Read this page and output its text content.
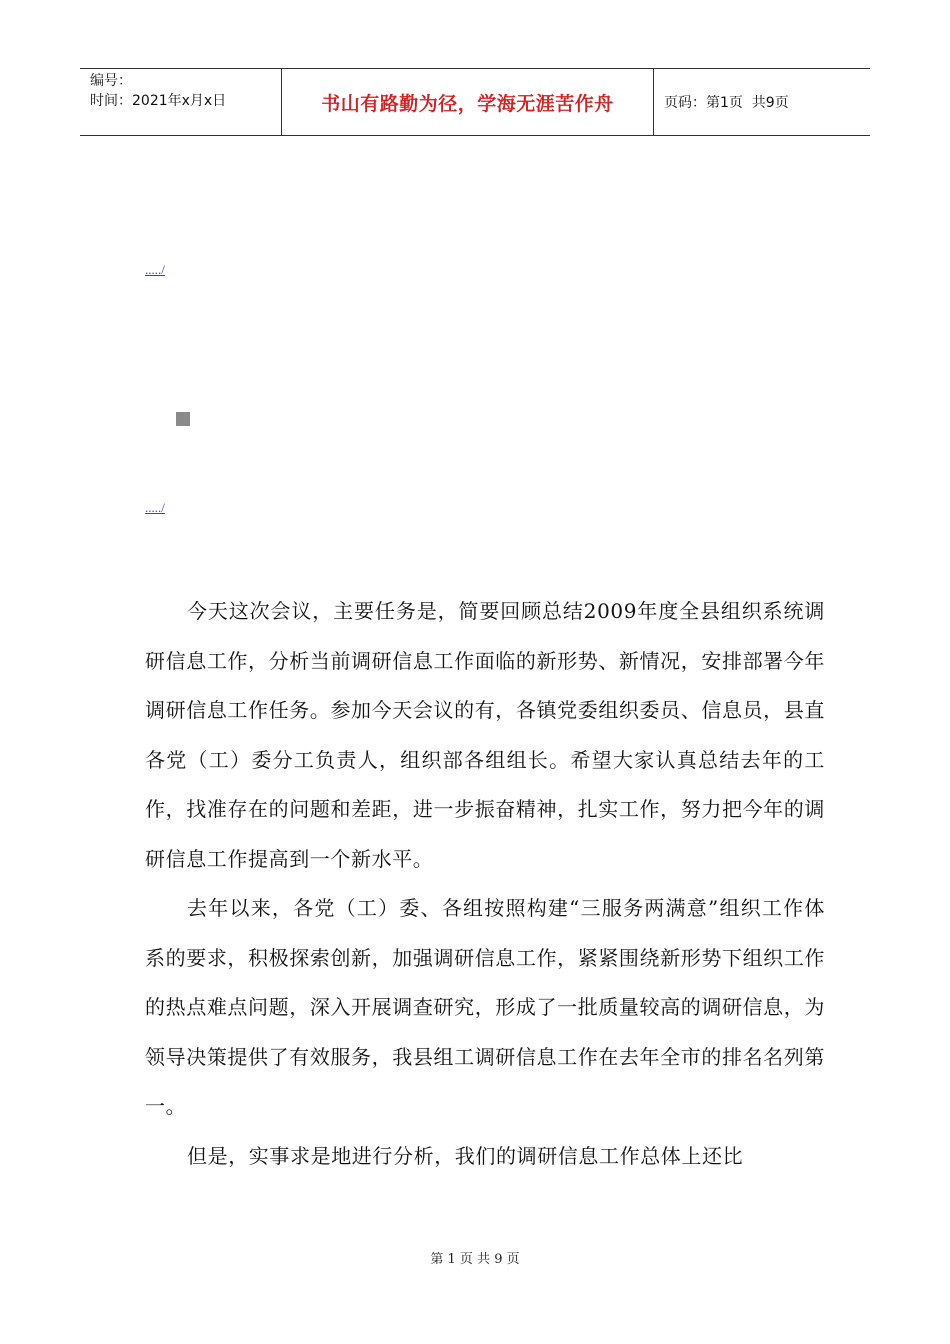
编号：
时间：2021年x月x日	书山有路勤为径，学海无涯苦作舟	页码：第1页  共9页
...../
...../

今天这次会议，主要任务是，简要回顾总结2009年度全县组织系统调研信息工作，分析当前调研信息工作面临的新形势、新情况，安排部署今年调研信息工作任务。参加今天会议的有，各镇党委组织委员、信息员，县直各党（工）委分工负责人，组织部各组组长。希望大家认真总结去年的工作，找准存在的问题和差距，进一步振奋精神，扎实工作，努力把今年的调研信息工作提高到一个新水平。

去年以来，各党（工）委、各组按照构建“三服务两满意”组织工作体系的要求，积极探索创新，加强调研信息工作，紧紧围绕新形势下组织工作的热点难点问题，深入开展调查研究，形成了一批质量较高的调研信息，为领导决策提供了有效服务，我县组工调研信息工作在去年全市的排名名列第一。

但是，实事求是地进行分析，我们的调研信息工作总体上还比

第 1 页 共 9 页
